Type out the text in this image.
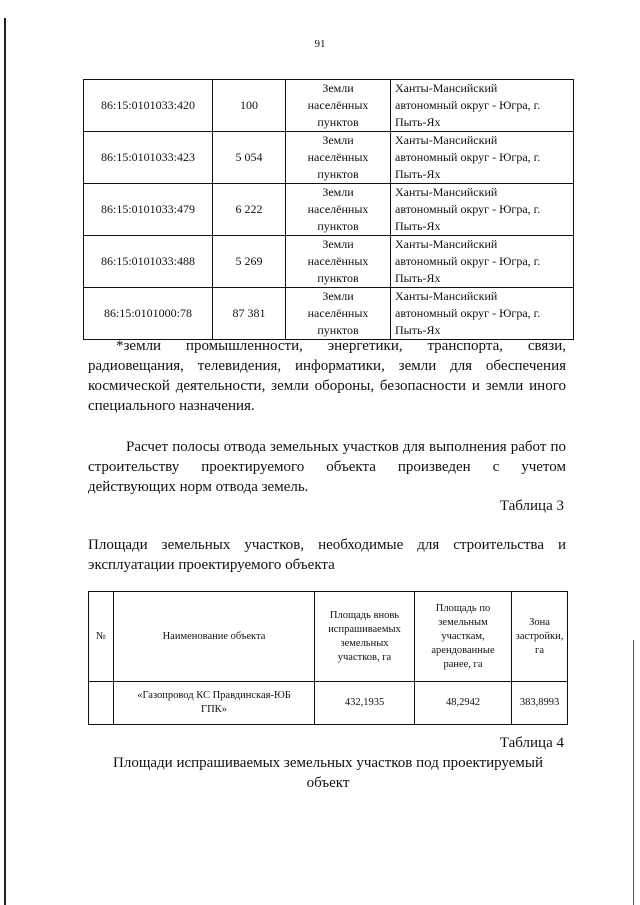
91
86:15:0101033:420	100	Земли
населённых
пунктов	Ханты-Мансийский
автономный округ - Югра, г.
Пыть-Ях
86:15:0101033:423	5 054	Земли
населённых
пунктов	Ханты-Мансийский
автономный округ - Югра, г.
Пыть-Ях
86:15:0101033:479	6 222	Земли
населённых
пунктов	Ханты-Мансийский
автономный округ - Югра, г.
Пыть-Ях
86:15:0101033:488	5 269	Земли
населённых
пунктов	Ханты-Мансийский
автономный округ - Югра, г.
Пыть-Ях
86:15:0101000:78	87 381	Земли
населённых
пунктов	Ханты-Мансийский
автономный округ - Югра, г.
Пыть-Ях
*земли промышленности, энергетики, транспорта, связи,
радиовещания, телевидения, информатики, земли для обеспечения космической деятельности, земли обороны, безопасности и земли иного специального назначения.
Расчет полосы отвода земельных участков для выполнения работ по строительству проектируемого объекта произведен с учетом действующих норм отвода земель.
Таблица 3
Площади земельных участков, необходимые для строительства и эксплуатации проектируемого объекта
№	Наименование объекта	Площадь вновь
испрашиваемых
земельных
участков, га	Площадь по
земельным
участкам,
арендованные
ранее, га	Зона
застройки,
га
	«Газопровод КС Правдинская-ЮБ
ГПК»	432,1935	48,2942	383,8993
Таблица 4
Площади испрашиваемых земельных участков под проектируемый
объект
